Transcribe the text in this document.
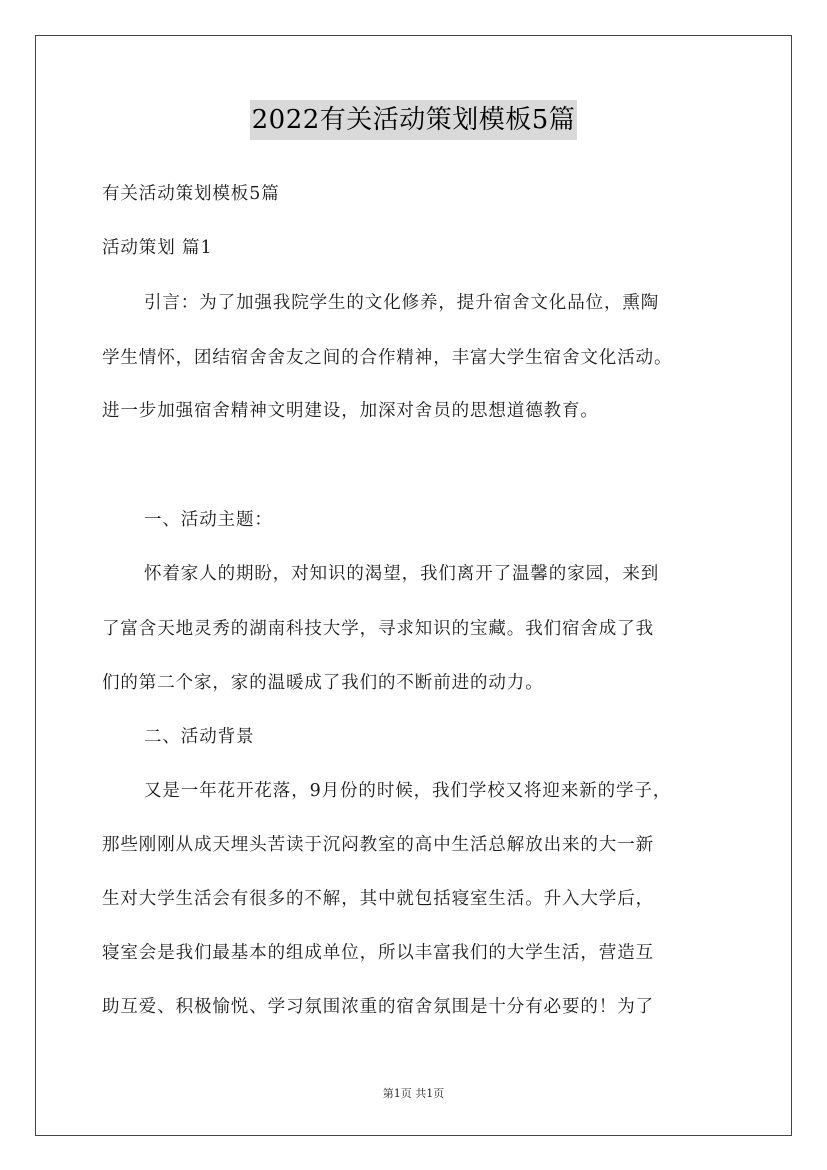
2022有关活动策划模板5篇
有关活动策划模板5篇
活动策划 篇1
引言：为了加强我院学生的文化修养，提升宿舍文化品位，熏陶
学生情怀，团结宿舍舍友之间的合作精神，丰富大学生宿舍文化活动。
进一步加强宿舍精神文明建设，加深对舍员的思想道德教育。
一、活动主题：
怀着家人的期盼，对知识的渴望，我们离开了温馨的家园，来到
了富含天地灵秀的湖南科技大学，寻求知识的宝藏。我们宿舍成了我
们的第二个家，家的温暖成了我们的不断前进的动力。
二、活动背景
又是一年花开花落，9月份的时候，我们学校又将迎来新的学子，
那些刚刚从成天埋头苦读于沉闷教室的高中生活总解放出来的大一新
生对大学生活会有很多的不解，其中就包括寝室生活。升入大学后，
寝室会是我们最基本的组成单位，所以丰富我们的大学生活，营造互
助互爱、积极愉悦、学习氛围浓重的宿舍氛围是十分有必要的！为了
第1页 共1页
